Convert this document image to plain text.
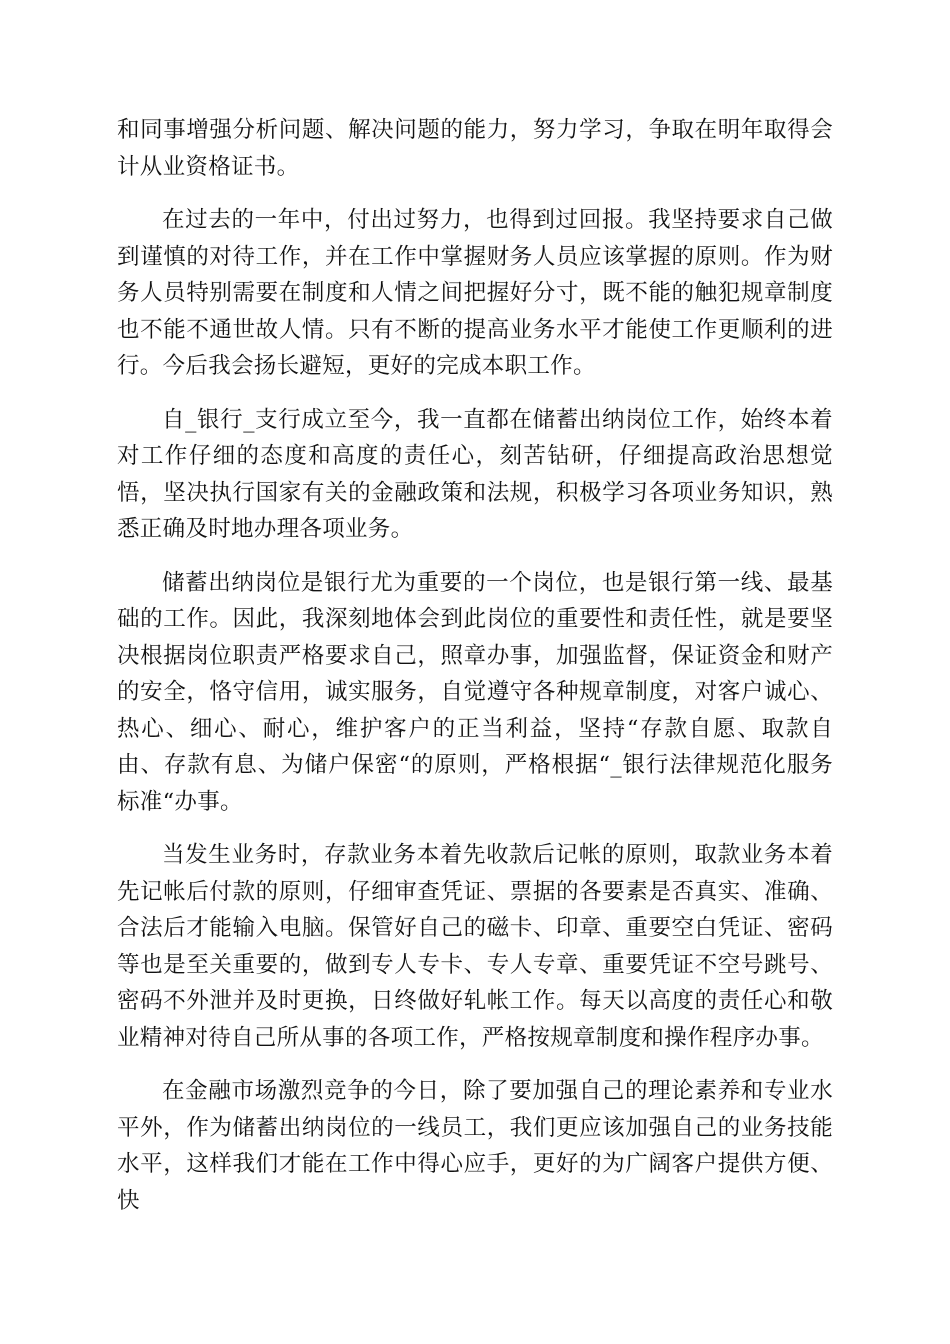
和同事增强分析问题、解决问题的能力，努力学习，争取在明年取得会计从业资格证书。

在过去的一年中，付出过努力，也得到过回报。我坚持要求自己做到谨慎的对待工作，并在工作中掌握财务人员应该掌握的原则。作为财务人员特别需要在制度和人情之间把握好分寸，既不能的触犯规章制度也不能不通世故人情。只有不断的提高业务水平才能使工作更顺利的进行。今后我会扬长避短，更好的完成本职工作。

自_银行_支行成立至今，我一直都在储蓄出纳岗位工作，始终本着对工作仔细的态度和高度的责任心，刻苦钻研，仔细提高政治思想觉悟，坚决执行国家有关的金融政策和法规，积极学习各项业务知识，熟悉正确及时地办理各项业务。

储蓄出纳岗位是银行尤为重要的一个岗位，也是银行第一线、最基础的工作。因此，我深刻地体会到此岗位的重要性和责任性，就是要坚决根据岗位职责严格要求自己，照章办事，加强监督，保证资金和财产的安全，恪守信用，诚实服务，自觉遵守各种规章制度，对客户诚心、热心、细心、耐心，维护客户的正当利益，坚持“存款自愿、取款自由、存款有息、为储户保密“的原则，严格根据“_银行法律规范化服务标准“办事。

当发生业务时，存款业务本着先收款后记帐的原则，取款业务本着先记帐后付款的原则，仔细审查凭证、票据的各要素是否真实、准确、合法后才能输入电脑。保管好自己的磁卡、印章、重要空白凭证、密码等也是至关重要的，做到专人专卡、专人专章、重要凭证不空号跳号、密码不外泄并及时更换，日终做好轧帐工作。每天以高度的责任心和敬业精神对待自己所从事的各项工作，严格按规章制度和操作程序办事。

在金融市场激烈竞争的今日，除了要加强自己的理论素养和专业水平外，作为储蓄出纳岗位的一线员工，我们更应该加强自己的业务技能水平，这样我们才能在工作中得心应手，更好的为广阔客户提供方便、快
